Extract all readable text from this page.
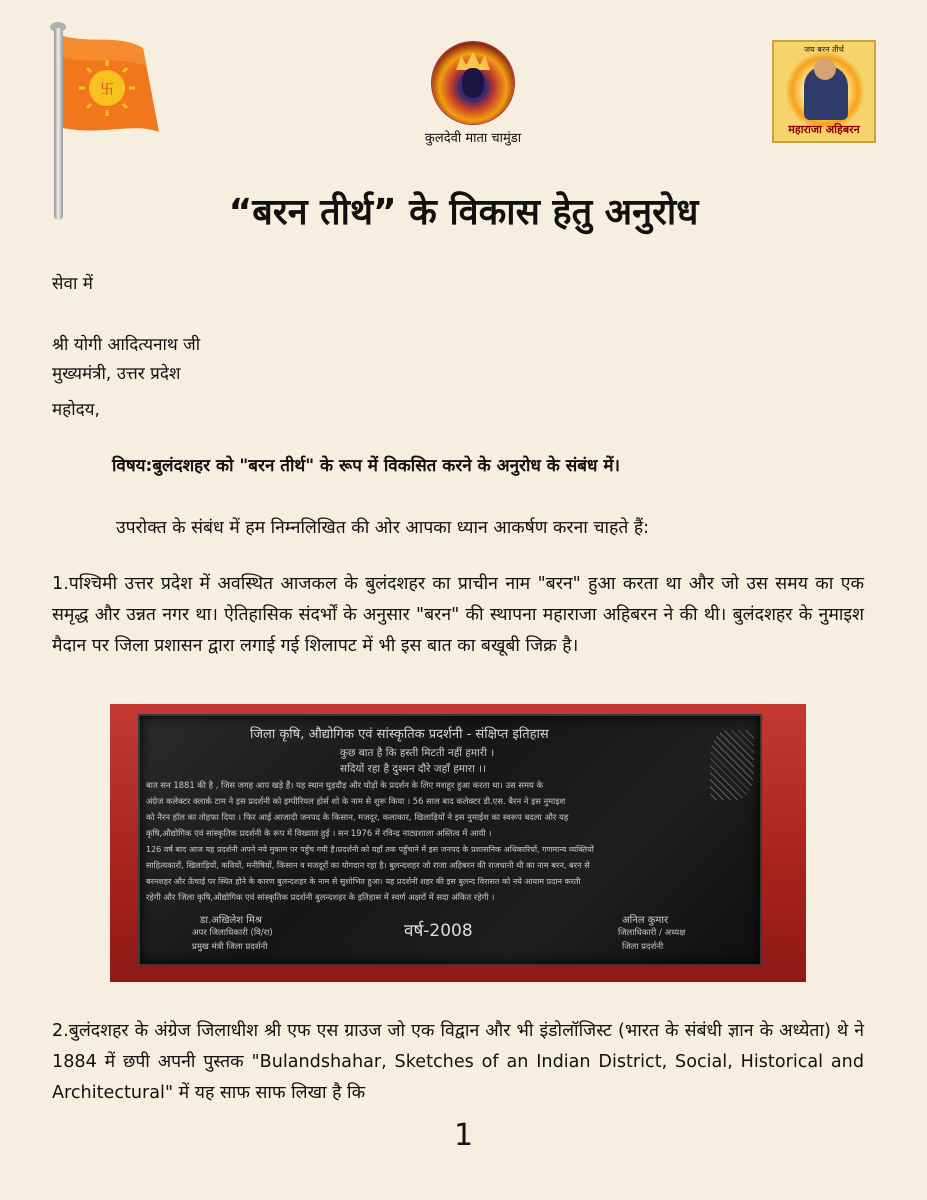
卐
कुलदेवी माता चामुंडा
जय बरन तीर्थ
महाराजा अहिबरन
“बरन तीर्थ” के विकास हेतु अनुरोध
सेवा में
श्री योगी आदित्यनाथ जी
मुख्यमंत्री, उत्तर प्रदेश
महोदय,
विषय:बुलंदशहर को "बरन तीर्थ" के रूप में विकसित करने के अनुरोध के संबंध में।
उपरोक्त के संबंध में हम निम्नलिखित की ओर आपका ध्यान आकर्षण करना चाहते हैं:
1.पश्चिमी उत्तर प्रदेश में अवस्थित आजकल के बुलंदशहर का प्राचीन नाम "बरन" हुआ करता था और जो उस समय का एक समृद्ध और उन्नत नगर था। ऐतिहासिक संदर्भों के अनुसार "बरन" की स्थापना महाराजा अहिबरन ने की थी। बुलंदशहर के नुमाइश मैदान पर जिला प्रशासन द्वारा लगाई गई शिलापट में भी इस बात का बखूबी जिक्र है।
जिला कृषि, औद्योगिक एवं सांस्कृतिक प्रदर्शनी - संक्षिप्त इतिहास
कुछ बात है कि हस्ती मिटती नहीं हमारी ।
सदियों रहा है दुश्मन दौरे जहाँ हमारा ।।
बात सन 1881 की है , जिस जगह आप खड़े हैं। यह स्थान घुड़दौड़ और घोड़ों के प्रदर्शन के लिए मशहूर हुआ करता था। उस समय के
अंग्रेज कलेक्टर क्लार्क टाम ने इस प्रदर्शनी को इम्पीरियल होर्स शो के नाम से शुरू किया । 56 साल बाद कलेक्टर डी.एस. बैरन ने इस नुमाइश
को नैरन हॉल का तोहफा दिया । फिर आई आजादी जनपद के किसान, मजदूर, कलाकार, खिलाड़ियों ने इस नुमाईश का स्वरूप बदला और यह
कृषि,औद्योगिक एवं सांस्कृतिक प्रदर्शनी के रूप में विख्यात हुई । सन 1976 में रविन्द्र नाट्यशाला अस्तित्व में आयी ।
126 वर्ष बाद आज यह प्रदर्शनी अपने नये मुकाम पर पहुँच गयी है।प्रदर्शनी को यहाँ तक पहुँचाने में इस जनपद के प्रशासनिक अधिकारियों, गणमान्य व्यक्तियों
साहित्यकारों, खिलाड़ियों, कवियों, मनीषियों, किसान व मजदूरों का योगदान रहा है। बुलन्दशहर जो राजा अहिबरन की राजधानी थी का नाम बरन, बरन से
बरनशहर और ऊँचाई पर स्थित होने के कारण बुलन्दशहर के नाम से सुशोभित हुआ। यह प्रदर्शनी शहर की इस बुलन्द विरासत को नये आयाम प्रदान करती
रहेगी और जिला कृषि,औद्योगिक एवं सांस्कृतिक प्रदर्शनी बुलन्दशहर के इतिहास में स्वर्ण अक्षरों में सदा अंकित रहेगी ।
डा.अखिलेश मिश्र
अपर जिलाधिकारी (वि/रा)
प्रमुख मंत्री जिला प्रदर्शनी
वर्ष-2008
अनिल कुमार
जिलाधिकारी / अध्यक्ष
जिला प्रदर्शनी
2.बुलंदशहर के अंग्रेज जिलाधीश श्री एफ एस ग्राउज जो एक विद्वान और भी इंडोलॉजिस्ट (भारत के संबंधी ज्ञान के अध्येता) थे ने 1884 में छपी अपनी पुस्तक "Bulandshahar, Sketches of an Indian District, Social, Historical and Architectural" में यह साफ साफ लिखा है कि
1
